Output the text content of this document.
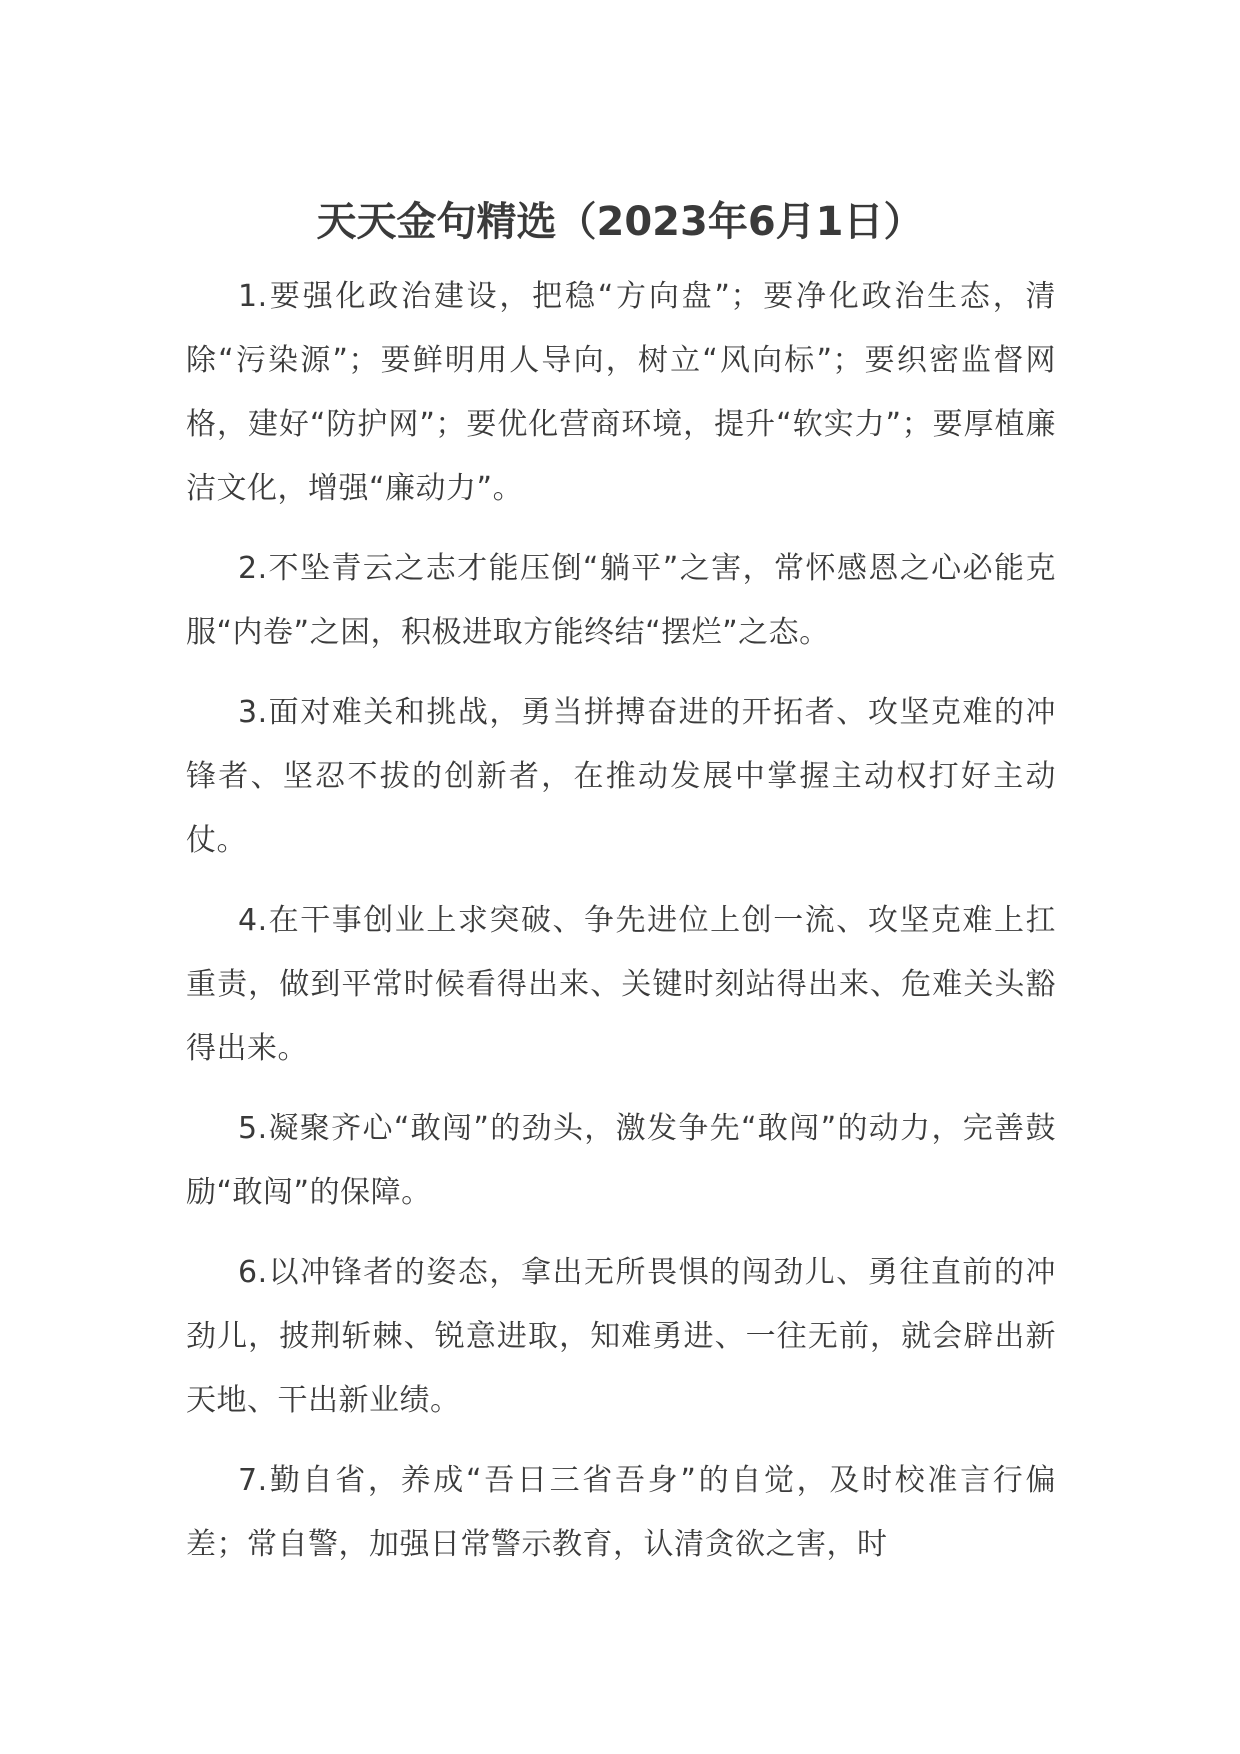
天天金句精选（2023年6月1日）

1.要强化政治建设，把稳“方向盘”；要净化政治生态，清除“污染源”；要鲜明用人导向，树立“风向标”；要织密监督网格，建好“防护网”；要优化营商环境，提升“软实力”；要厚植廉洁文化，增强“廉动力”。

2.不坠青云之志才能压倒“躺平”之害，常怀感恩之心必能克服“内卷”之困，积极进取方能终结“摆烂”之态。

3.面对难关和挑战，勇当拼搏奋进的开拓者、攻坚克难的冲锋者、坚忍不拔的创新者，在推动发展中掌握主动权打好主动仗。

4.在干事创业上求突破、争先进位上创一流、攻坚克难上扛重责，做到平常时候看得出来、关键时刻站得出来、危难关头豁得出来。

5.凝聚齐心“敢闯”的劲头，激发争先“敢闯”的动力，完善鼓励“敢闯”的保障。

6.以冲锋者的姿态，拿出无所畏惧的闯劲儿、勇往直前的冲劲儿，披荆斩棘、锐意进取，知难勇进、一往无前，就会辟出新天地、干出新业绩。

7.勤自省，养成“吾日三省吾身”的自觉，及时校准言行偏差；常自警，加强日常警示教育，认清贪欲之害，时
